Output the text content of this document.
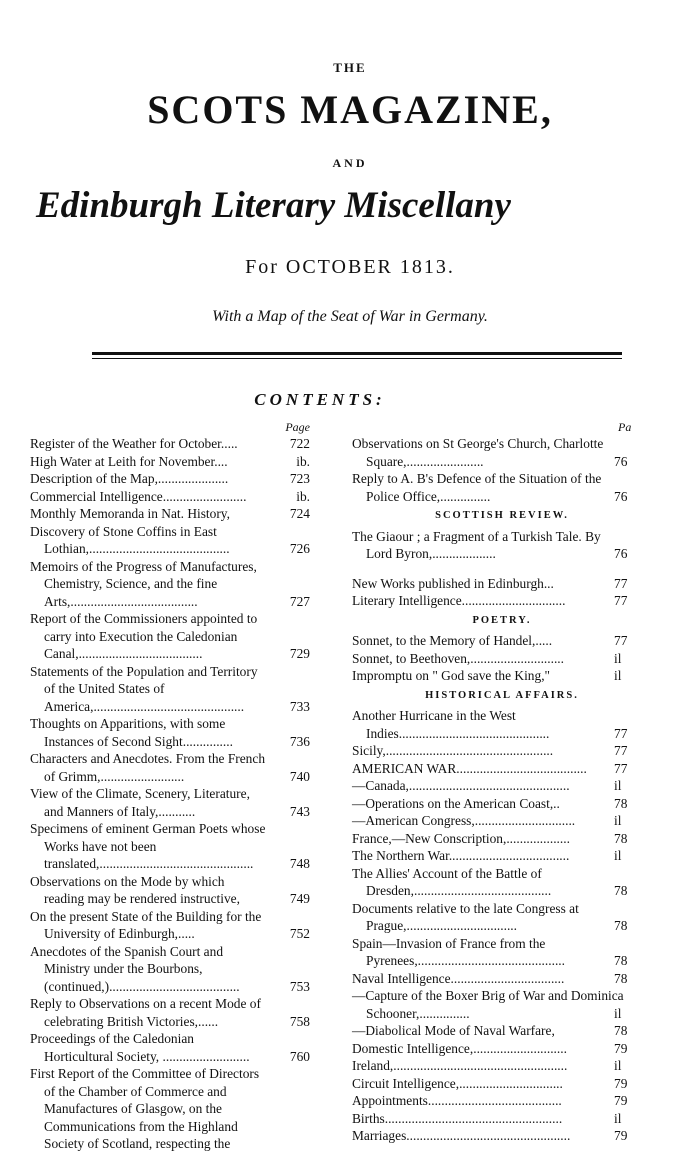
THE
SCOTS MAGAZINE,
AND
Edinburgh Literary Miscellany
For OCTOBER 1813.
With a Map of the Seat of War in Germany.
CONTENTS:
Page	Pa
Register of the Weather for October.....	722
High Water at Leith for November....	ib.
Description of the Map,.....................	723
Commercial Intelligence.........................	ib.
Monthly Memoranda in Nat. History,	724
Discovery of Stone Coffins in East Lothian,..........................................	726
Memoirs of the Progress of Manufactures, Chemistry, Science, and the fine Arts,......................................	727
Report of the Commissioners appointed to carry into Execution the Caledonian Canal,.....................................	729
Statements of the Population and Territory of the United States of America,.............................................	733
Thoughts on Apparitions, with some Instances of Second Sight...............	736
Characters and Anecdotes. From the French of Grimm,.........................	740
View of the Climate, Scenery, Literature, and Manners of Italy,...........	743
Specimens of eminent German Poets whose Works have not been translated,..............................................	748
Observations on the Mode by which reading may be rendered instructive,	749
On the present State of the Building for the University of Edinburgh,.....	752
Anecdotes of the Spanish Court and Ministry under the Bourbons, (continued,).......................................	753
Reply to Observations on a recent Mode of celebrating British Victories,......	758
Proceedings of the Caledonian Horticultural Society, ..........................	760
First Report of the Committee of Directors of the Chamber of Commerce and Manufactures of Glasgow, on the Communications from the Highland Society of Scotland, respecting the
Observations on St George's Church, Charlotte Square,.......................	76
Reply to A. B's Defence of the Situation of the Police Office,...............	76
SCOTTISH REVIEW.
The Giaour ; a Fragment of a Turkish Tale. By Lord Byron,...................	76
New Works published in Edinburgh...	77
Literary Intelligence...............................	77
POETRY.
Sonnet, to the Memory of Handel,.....	77
Sonnet, to Beethoven,............................	il
Impromptu on " God save the King,"	il
HISTORICAL AFFAIRS.
Another Hurricane in the West Indies.............................................	77
Sicily,..................................................	77
AMERICAN WAR....................................... 77
—Canada,................................................	il
—Operations on the American Coast,..	78
—American Congress,..............................	il
France,—New Conscription,...................	78
The Northern War....................................	il
The Allies' Account of the Battle of Dresden,.........................................	78
Documents relative to the late Congress at Prague,.................................	78
Spain—Invasion of France from the Pyrenees,............................................	78
Naval Intelligence..................................	78
—Capture of the Boxer Brig of War and Dominica Schooner,...............	il
—Diabolical Mode of Naval Warfare,	78
Domestic Intelligence,............................	79
Ireland,....................................................	il
Circuit Intelligence,...............................	79
Appointments........................................	79
Births.....................................................	il
Marriages.................................................	79
